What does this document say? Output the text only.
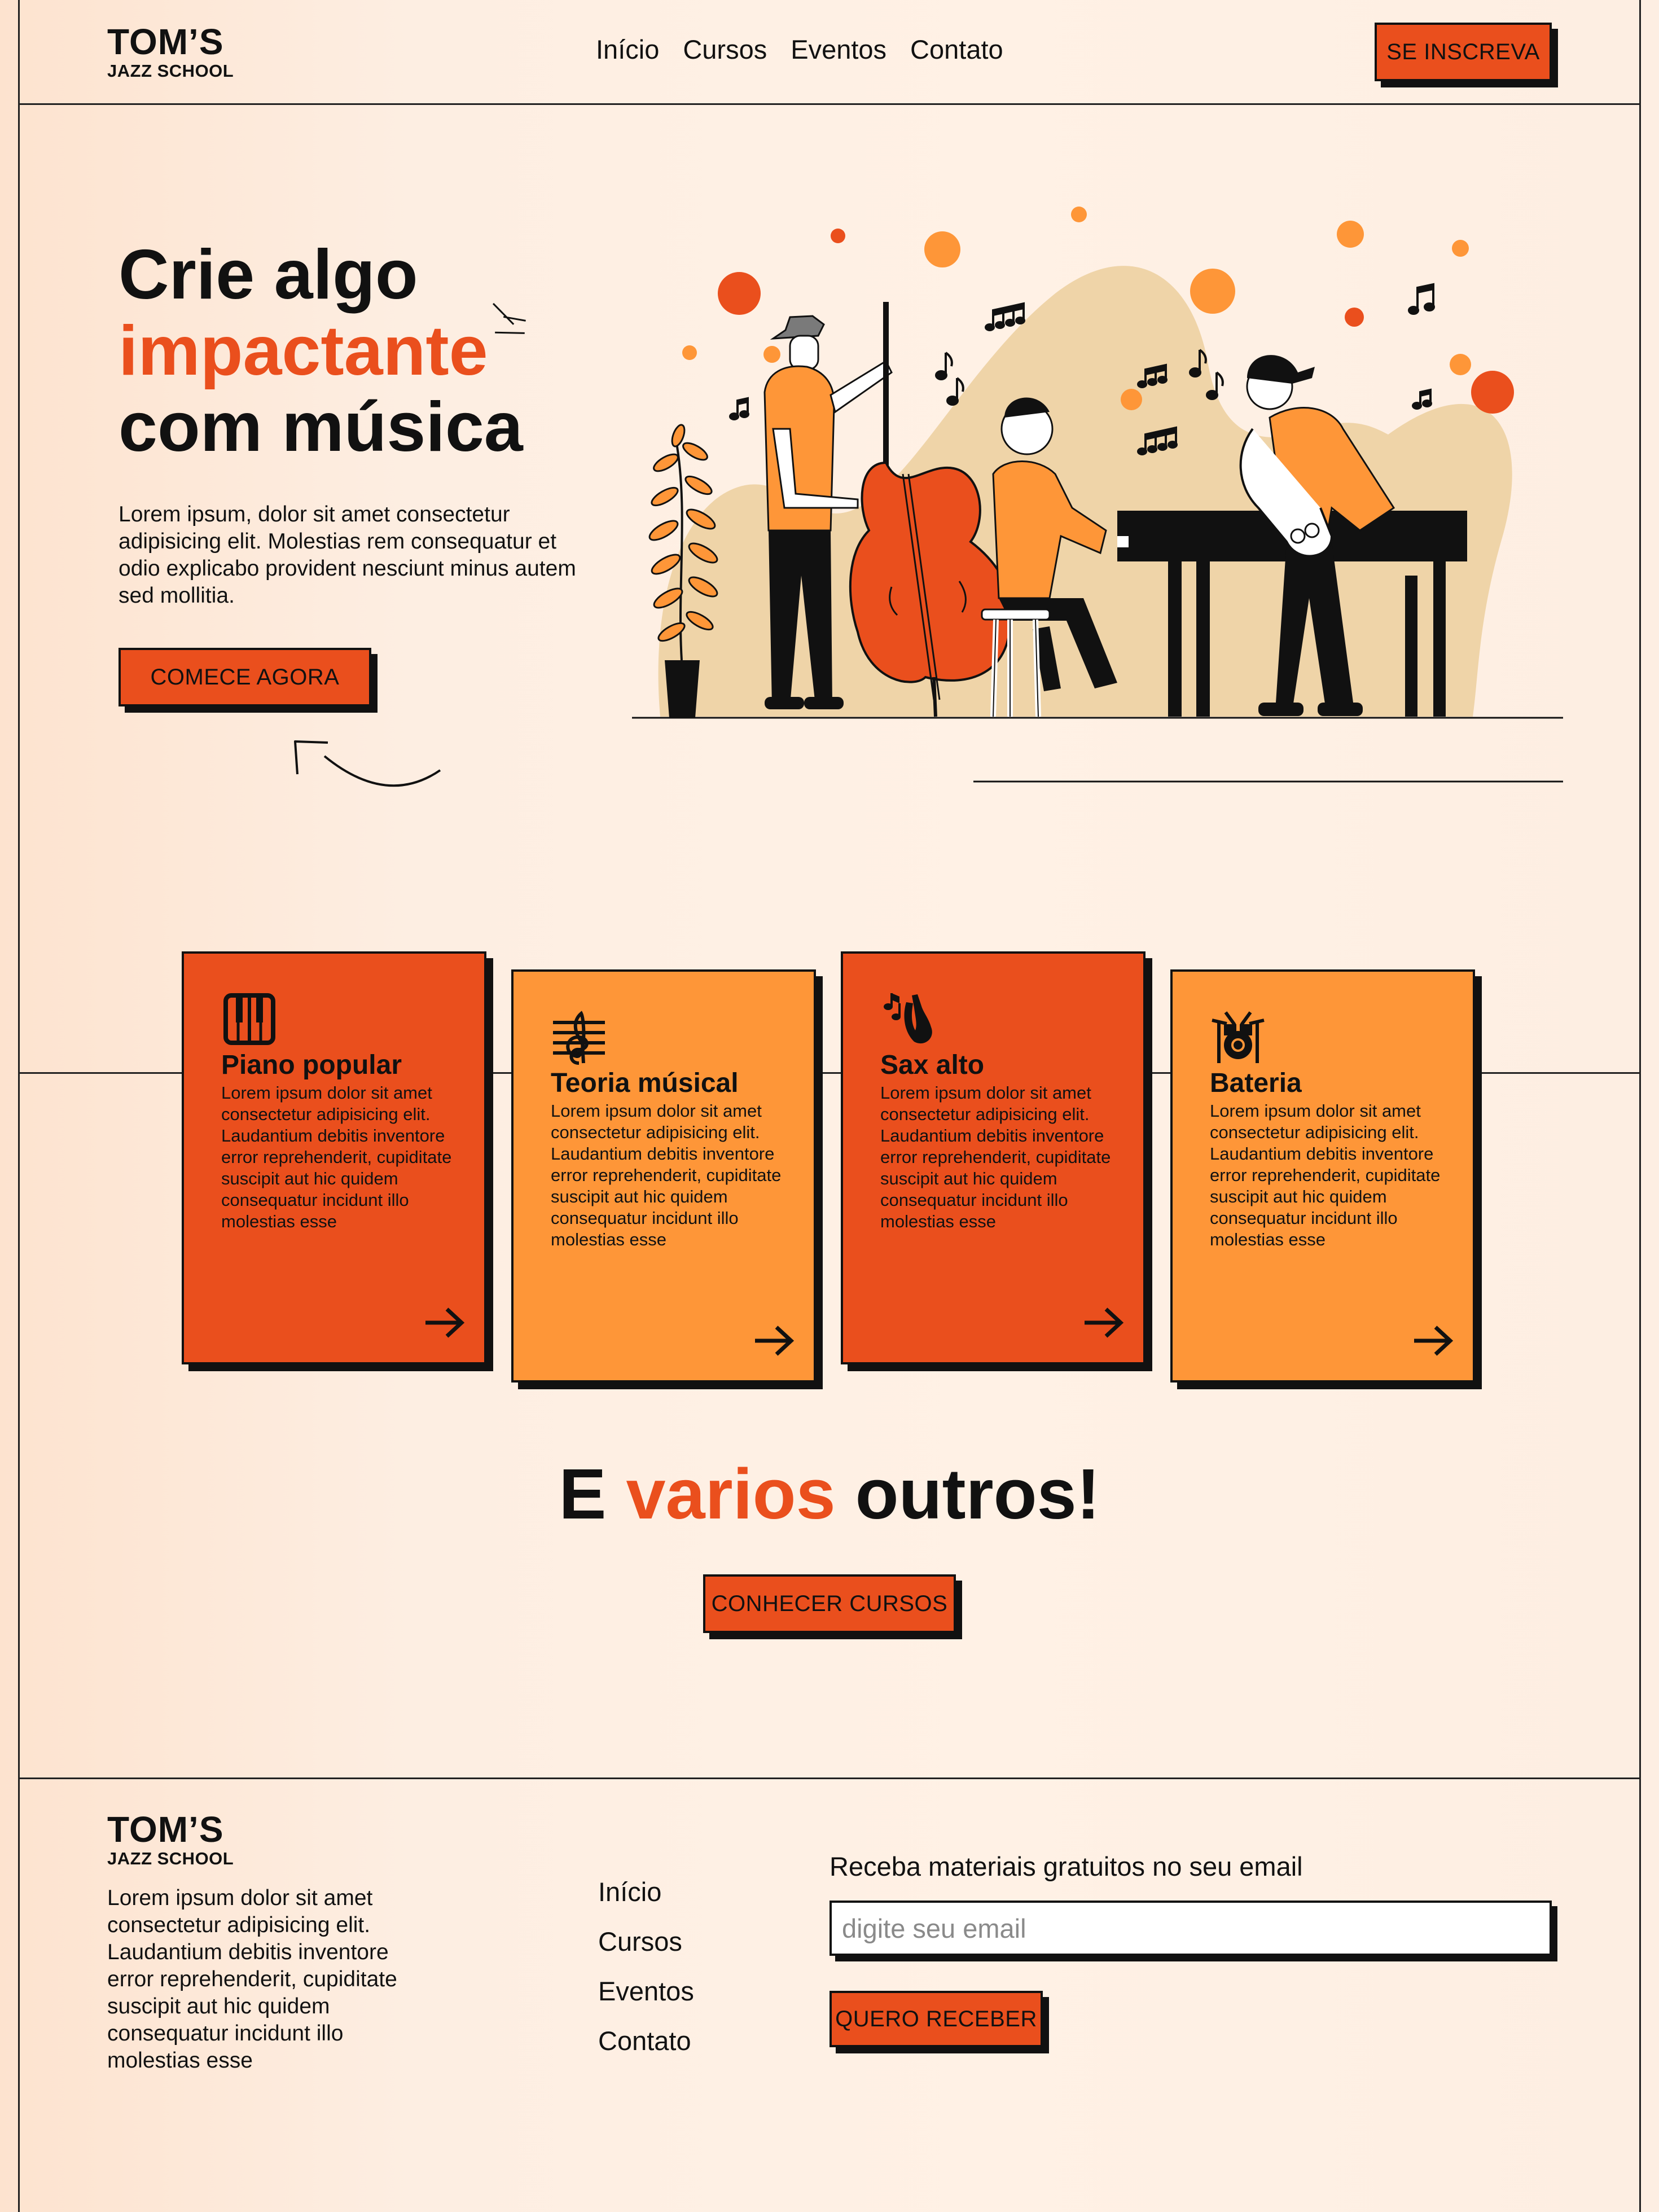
TOM’S
JAZZ SCHOOL
Início Cursos Eventos Contato	SE INSCREVA
Crie algo
impactante
com música
Lorem ipsum, dolor sit amet consectetur adipisicing elit. Molestias rem consequatur et odio explicabo provident nesciunt minus autem sed mollitia.
COMECE AGORA
Piano popular

Lorem ipsum dolor sit amet consectetur adipisicing elit. Laudantium debitis inventore error reprehenderit, cupiditate suscipit aut hic quidem consequatur incidunt illo molestias esse

Teoria músical

Lorem ipsum dolor sit amet consectetur adipisicing elit. Laudantium debitis inventore error reprehenderit, cupiditate suscipit aut hic quidem consequatur incidunt illo molestias esse

Sax alto

Lorem ipsum dolor sit amet consectetur adipisicing elit. Laudantium debitis inventore error reprehenderit, cupiditate suscipit aut hic quidem consequatur incidunt illo molestias esse

Bateria

Lorem ipsum dolor sit amet consectetur adipisicing elit. Laudantium debitis inventore error reprehenderit, cupiditate suscipit aut hic quidem consequatur incidunt illo molestias esse

E varios outros!
CONHECER CURSOS
TOM’S
JAZZ SCHOOL
Lorem ipsum dolor sit amet consectetur adipisicing elit. Laudantium debitis inventore error reprehenderit, cupiditate suscipit aut hic quidem consequatur incidunt illo molestias esse
Início
Cursos
Eventos
Contato
Receba materiais gratuitos no seu email
digite seu email
QUERO RECEBER
